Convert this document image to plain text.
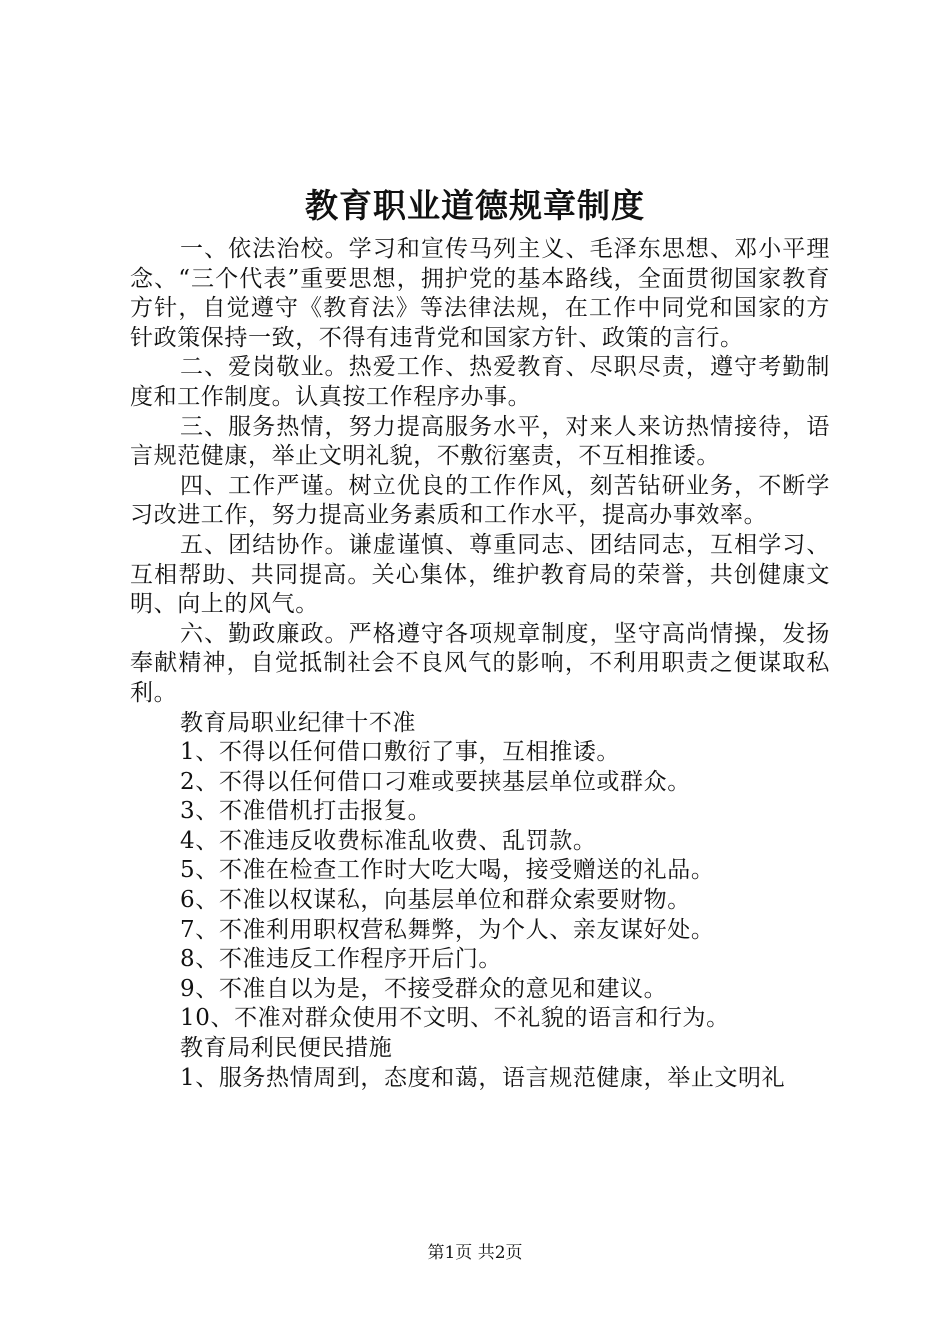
教育职业道德规章制度

一、依法治校。学习和宣传马列主义、毛泽东思想、邓小平理念、“三个代表”重要思想，拥护党的基本路线，全面贯彻国家教育方针，自觉遵守《教育法》等法律法规，在工作中同党和国家的方针政策保持一致，不得有违背党和国家方针、政策的言行。

二、爱岗敬业。热爱工作、热爱教育、尽职尽责，遵守考勤制度和工作制度。认真按工作程序办事。

三、服务热情，努力提高服务水平，对来人来访热情接待，语言规范健康，举止文明礼貌，不敷衍塞责，不互相推诿。

四、工作严谨。树立优良的工作作风，刻苦钻研业务，不断学习改进工作，努力提高业务素质和工作水平，提高办事效率。

五、团结协作。谦虚谨慎、尊重同志、团结同志，互相学习、互相帮助、共同提高。关心集体，维护教育局的荣誉，共创健康文明、向上的风气。

六、勤政廉政。严格遵守各项规章制度，坚守高尚情操，发扬奉献精神，自觉抵制社会不良风气的影响，不利用职责之便谋取私利。

教育局职业纪律十不准

1、不得以任何借口敷衍了事，互相推诿。

2、不得以任何借口刁难或要挟基层单位或群众。

3、不准借机打击报复。

4、不准违反收费标准乱收费、乱罚款。

5、不准在检查工作时大吃大喝，接受赠送的礼品。

6、不准以权谋私，向基层单位和群众索要财物。

7、不准利用职权营私舞弊，为个人、亲友谋好处。

8、不准违反工作程序开后门。

9、不准自以为是，不接受群众的意见和建议。

10、不准对群众使用不文明、不礼貌的语言和行为。

教育局利民便民措施

1、服务热情周到，态度和蔼，语言规范健康，举止文明礼

第1页 共2页
